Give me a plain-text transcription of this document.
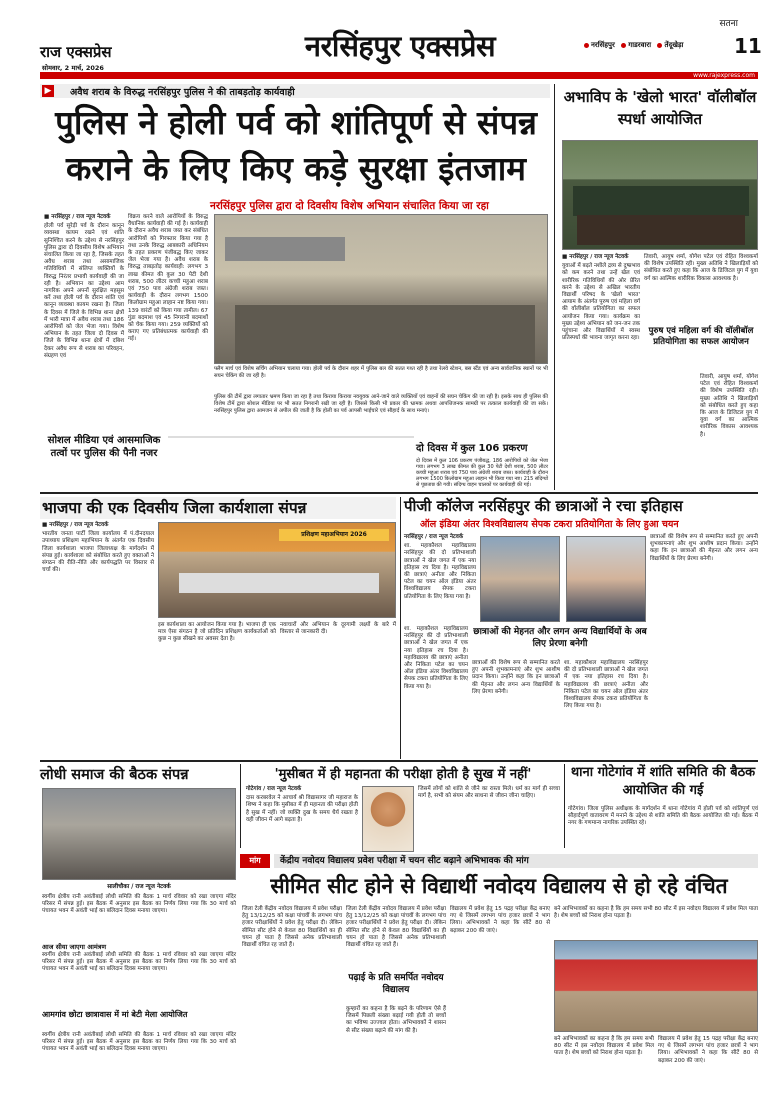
राज एक्सप्रेस
सोमवार, 2 मार्च, 2026
नरसिंहपुर एक्सप्रेस
सतना
नरसिंहपुर गाडरवारा तेंदूखेड़ा	11
www.rajexpress.com
▶ अवैध शराब के विरुद्ध नरसिंहपुर पुलिस ने की ताबड़तोड़ कार्यवाही
पुलिस ने होली पर्व को शांतिपूर्ण से संपन्न कराने के लिए किए कड़े सुरक्षा इंतजाम
नरसिंहपुर पुलिस द्वारा दो दिवसीय विशेष अभियान संचालित किया जा रहा
■ नरसिंहपुर / राज न्यूज नेटवर्क
होली पर्व सुरेड़ी पर्व के दौरान कानून व्यवस्था कायम रखने एवं शांति सुनिश्चित करने के उद्देश्य से नरसिंहपुर पुलिस द्वारा दो दिवसीय विशेष अभियान संचालित किया जा रहा है, जिसके तहत अवैध शराब तथा असामाजिक गतिविधियों में संलिप्त व्यक्तियों के विरुद्ध निरंतर प्रभावी कार्यवाही की जा रही है। अभियान का उद्देश्य आम नागरिक अपने अपनों सुरक्षित महसूस करें तथा होली पर्व के दौरान शांति एवं कानून व्यवस्था कायम रखना है। जिला के दिवस में जिले के विभिन्न थाना क्षेत्रों में भारी मात्रा में अवैध शराब तथा 186 आरोपियों को जेल भेजा गया। विशेष अभियान के तहत जिला दो दिवस में जिले के विभिन्न थाना क्षेत्रों में दबिश देकर अवैध रूप से शराब का परिवहन, संग्रहण एवं
विक्रय करने वाले आरोपियों के विरुद्ध वैधानिक कार्यवाही की गई है। कार्यवाही के दौरान अवैध शराब जब्त कर संबंधित आरोपियों को गिरफ्तार किया गया है तथा उनके विरुद्ध आबकारी अधिनियम के तहत प्रकरण पंजीबद्ध किए जाकर जेल भेजा गया है। अवैध शराब के विरुद्ध ताबड़तोड़ कार्यवाही: लगभग 3 लाख कीमत की कुल 30 पेटी देशी शराब, 500 लीटर कच्ची महुआ शराब एवं 750 पाव अंग्रेजी शराब जब्त। कार्यवाही के दौरान लगभग 1500 किलोग्राम महुआ लाहान नष्ट किया गया। 139 वारंटों को किया गया तामील। 67 गुंडा बदमाश एवं 45 निगरानी बदमाशों को चेक किया गया। 259 व्यक्तियों को कराए गए प्रतिबंधात्मक कार्यवाही की गई।
फ्लैग मार्च एवं विशेष सर्चिंग अभियान चलाया गया। होली पर्व के दौरान शहर में पुलिस बल की सतत गश्त रही है तथा रेलवे स्टेशन, बस स्टैंड एवं अन्य सार्वजनिक स्थानों पर भी सघन चेकिंग की जा रही है।
पुलिस की टीमें द्वारा लगातार भ्रमण किया जा रहा है तथा किराया किराया नवयुवक आने-जाने वाले व्यक्तियों एवं वाहनों की सघन चेकिंग की जा रही है। इसके साथ ही पुलिस की विशेष टीमें द्वारा सोशल मीडिया पर भी सतत निगरानी रखी जा रही है। जिससे किसी भी प्रकार की भ्रामक अथवा आपत्तिजनक सामग्री पर तत्काल कार्यवाही की जा सके। नरसिंहपुर पुलिस द्वारा आमजन से अपील की जाती है कि होली का पर्व आपसी भाईचारे एवं सौहार्द के साथ मनाएं।
सोशल मीडिया एवं आसमाजिक तत्वों पर पुलिस की पैनी नजर	दो दिवस में कुल 106 प्रकरण
दो दिवस में कुल 106 प्रकरण पंजीबद्ध, 186 आरोपियों को जेल भेजा गया। लगभग 3 लाख कीमत की कुल 30 पेटी देशी शराब, 500 लीटर कच्ची महुआ शराब एवं 750 पाव अंग्रेजी शराब जब्त। कार्यवाही के दौरान लगभग 1500 किलोग्राम महुआ लाहान भी किया गया नष्ट। 215 संदिग्धों से पूछताछ की गयी। संदिग्ध वाहन चालकों पर कार्यवाही की गई।
अभाविप के 'खेलो भारत' वॉलीबॉल स्पर्धा आयोजित
■ नरसिंहपुर / राज न्यूज नेटवर्क
युवाओं में बढ़ते नशीले द्रव्य से दुष्प्रभाव को कम करने तथा उन्हें खेल एवं शारीरिक गतिविधियों की ओर प्रेरित करने के उद्देश्य से अखिल भारतीय विद्यार्थी परिषद के 'खेलो भारत' आयाम के अंतर्गत पुरुष एवं महिला वर्ग की वॉलीबॉल प्रतियोगिता का सफल आयोजन किया गया। कार्यक्रम का मुख्य उद्देश्य अभियान को जन-जन तक पहुंचाना और विद्यार्थियों में स्वस्थ प्रतिस्पर्धा की भावना जागृत करना रहा।
पुरुष एवं महिला वर्ग की वॉलीबॉल प्रतियोगिता का सफल आयोजन
तिवारी, आयुष शर्मा, योगेश पटेल एवं रोहित विश्वकर्मा की विशेष उपस्थिति रही। मुख्य अतिथि ने खिलाड़ियों को संबोधित करते हुए कहा कि आज के डिजिटल युग में युवा वर्ग का आत्मिक शारीरिक विकास आवश्यक है।
तिवारी, आयुष शर्मा, योगेश पटेल एवं रोहित विश्वकर्मा की विशेष उपस्थिति रही। मुख्य अतिथि ने खिलाड़ियों को संबोधित करते हुए कहा कि आज के डिजिटल युग में युवा वर्ग का आत्मिक शारीरिक विकास आवश्यक है।
भाजपा की एक दिवसीय जिला कार्यशाला संपन्न
■ नरसिंहपुर / राज न्यूज नेटवर्क
भारतीय जनता पार्टी जिला कार्यालय में पं.दीनदयाल उपाध्याय प्रशिक्षण महाभियान के अंतर्गत एक दिवसीय जिला कार्यशाला भाजपा जिलाध्यक्ष के मार्गदर्शन में संपन्न हुई। कार्यशाला को संबोधित करते हुए वक्ताओं ने संगठन की रीति-नीति और कार्यपद्धति पर विस्तार से चर्चा की।
प्रशिक्षण महाअभियान 2026
इस कार्यशाला का आयोजन किया गया है। भाजपा ही एक मात्र ऐसा संगठन है जो प्रतिदिन प्रशिक्षण कार्यकर्ताओं को कुछ न कुछ सीखने का अवसर देता है।
नवाचारों और अभियान के दूरगामी लक्ष्यों के बारे में विस्तार से जानकारी दी।
पीजी कॉलेज नरसिंहपुर की छात्राओं ने रचा इतिहास
ऑल इंडिया अंतर विश्वविद्यालय सेपक टकरा प्रतियोगिता के लिए हुआ चयन
नरसिंहपुर / राज न्यूज नेटवर्क
शा. महाकौशल महाविद्यालय नरसिंहपुर की दो प्रतिभाशाली छात्राओं ने खेल जगत में एक नया इतिहास रच दिया है। महाविद्यालय की छात्राएं अनीता और निकिता पटेल का चयन ऑल इंडिया अंतर विश्वविद्यालय सेपक टकरा प्रतियोगिता के लिए किया गया है।
छात्राओं की विशेष रूप से सम्मानित करते हुए अपनी शुभकामनाएं और शुभ आशीष प्रदान किया। उन्होंने कहा कि इन छात्राओं की मेहनत और लगन अन्य विद्यार्थियों के लिए प्रेरणा बनेगी।
छात्राओं की मेहनत और लगन अन्य विद्यार्थियों के अब लिए प्रेरणा बनेगी
शा. महाकौशल महाविद्यालय नरसिंहपुर की दो प्रतिभाशाली छात्राओं ने खेल जगत में एक नया इतिहास रच दिया है। महाविद्यालय की छात्राएं अनीता और निकिता पटेल का चयन ऑल इंडिया अंतर विश्वविद्यालय सेपक टकरा प्रतियोगिता के लिए किया गया है।
छात्राओं की विशेष रूप से सम्मानित करते हुए अपनी शुभकामनाएं और शुभ आशीष प्रदान किया। उन्होंने कहा कि इन छात्राओं की मेहनत और लगन अन्य विद्यार्थियों के लिए प्रेरणा बनेगी।
शा. महाकौशल महाविद्यालय नरसिंहपुर की दो प्रतिभाशाली छात्राओं ने खेल जगत में एक नया इतिहास रच दिया है। महाविद्यालय की छात्राएं अनीता और निकिता पटेल का चयन ऑल इंडिया अंतर विश्वविद्यालय सेपक टकरा प्रतियोगिता के लिए किया गया है।
लोधी समाज की बैठक संपन्न
सालीचौका / राज न्यूज नेटवर्क
स्वर्गीय क्षेत्रीय रानी अवंतीबाई लोधी समिति की बैठक 1 मार्च रविवार को रखा जाएगा मंदिर परिसर में संपन्न हुई। इस बैठक में अनुसार इस बैठक का निर्णय लिया गया कि 30 मार्च को पंचायत भवन में अवंती भाई का बलिदान दिवस मनाया जाएगा।
आज सीया जाएगा आमंत्रण
स्वर्गीय क्षेत्रीय रानी अवंतीबाई लोधी समिति की बैठक 1 मार्च रविवार को रखा जाएगा मंदिर परिसर में संपन्न हुई। इस बैठक में अनुसार इस बैठक का निर्णय लिया गया कि 30 मार्च को पंचायत भवन में अवंती भाई का बलिदान दिवस मनाया जाएगा।
आमगांव छोटा छात्रावास में मां बेटी मेला आयोजित
स्वर्गीय क्षेत्रीय रानी अवंतीबाई लोधी समिति की बैठक 1 मार्च रविवार को रखा जाएगा मंदिर परिसर में संपन्न हुई। इस बैठक में अनुसार इस बैठक का निर्णय लिया गया कि 30 मार्च को पंचायत भवन में अवंती भाई का बलिदान दिवस मनाया जाएगा।
'मुसीबत में ही महानता की परीक्षा होती है सुख में नहीं'
गोटेगांव / राज न्यूज नेटवर्क
दास करबरवेल ने आचार्य श्री विद्यासागर जी महाराज के शिष्य ने कहा कि मुसीबत में ही महानता की परीक्षा होती है सुख में नहीं। जो व्यक्ति दुख के समय धैर्य रखता है वही जीवन में आगे बढ़ता है।
जिसमें लोगों को शांति से जीने का रास्ता मिले। धर्म का मार्ग ही सच्चा मार्ग है, सभी को संयम और साधना से जीवन जीना चाहिए।
थाना गोटेगांव में शांति समिति की बैठक आयोजित की गई
गोटेगांव। जिला पुलिस अधीक्षक के मार्गदर्शन में थाना गोटेगांव में होली पर्व को शांतिपूर्ण एवं सौहार्दपूर्ण वातावरण में मनाने के उद्देश्य से शांति समिति की बैठक आयोजित की गई। बैठक में नगर के गणमान्य नागरिक उपस्थित रहे।
मांग	केंद्रीय नवोदय विद्यालय प्रवेश परीक्षा में चयन सीट बढ़ाने अभिभावक की मांग
सीमित सीट होने से विद्यार्थी नवोदय विद्यालय से हो रहे वंचित
जिला टेली केंद्रीय नवोदय विद्यालय में प्रवेश परीक्षा हेतु 13/12/25 को कक्षा पांचवीं के लगभग पांच हजार परीक्षार्थियों ने प्रवेश हेतु परीक्षा दी। लेकिन सीमित सीट होने से केवल 80 विद्यार्थियों का ही चयन हो पाता है जिससे अनेक प्रतिभाशाली विद्यार्थी वंचित रह जाते हैं।
जिला टेली केंद्रीय नवोदय विद्यालय में प्रवेश परीक्षा हेतु 13/12/25 को कक्षा पांचवीं के लगभग पांच हजार परीक्षार्थियों ने प्रवेश हेतु परीक्षा दी। लेकिन सीमित सीट होने से केवल 80 विद्यार्थियों का ही चयन हो पाता है जिससे अनेक प्रतिभाशाली विद्यार्थी वंचित रह जाते हैं।
पढ़ाई के प्रति समर्पित नवोदय विद्यालय
कुम्हारों का कहना है कि बढ़ने के परिणाम ऐसे हैं जिसमें पिछली संख्या बढ़ाई गयी होती तो बच्चों का भविष्य उज्ज्वल होता। अभिभावकों ने शासन से सीट संख्या बढ़ाने की मांग की है।
विद्यालय में प्रवेश हेतु 15 पद्रह परीक्षा केंद्र बनाए गए थे जिसमें लगभग पांच हजार छात्रों ने भाग लिया। अभिभावकों ने कहा कि सीटें 80 से बढ़ाकर 200 की जाएं।
बने आभिभावकों का कहना है कि हम समय सभी 80 सीट में इस नवोदय विद्यालय में प्रवेश मिल पाता है। शेष बच्चों को निराश होना पड़ता है।
बने आभिभावकों का कहना है कि हम समय सभी 80 सीट में इस नवोदय विद्यालय में प्रवेश मिल पाता है। शेष बच्चों को निराश होना पड़ता है।
विद्यालय में प्रवेश हेतु 15 पद्रह परीक्षा केंद्र बनाए गए थे जिसमें लगभग पांच हजार छात्रों ने भाग लिया। अभिभावकों ने कहा कि सीटें 80 से बढ़ाकर 200 की जाएं।
